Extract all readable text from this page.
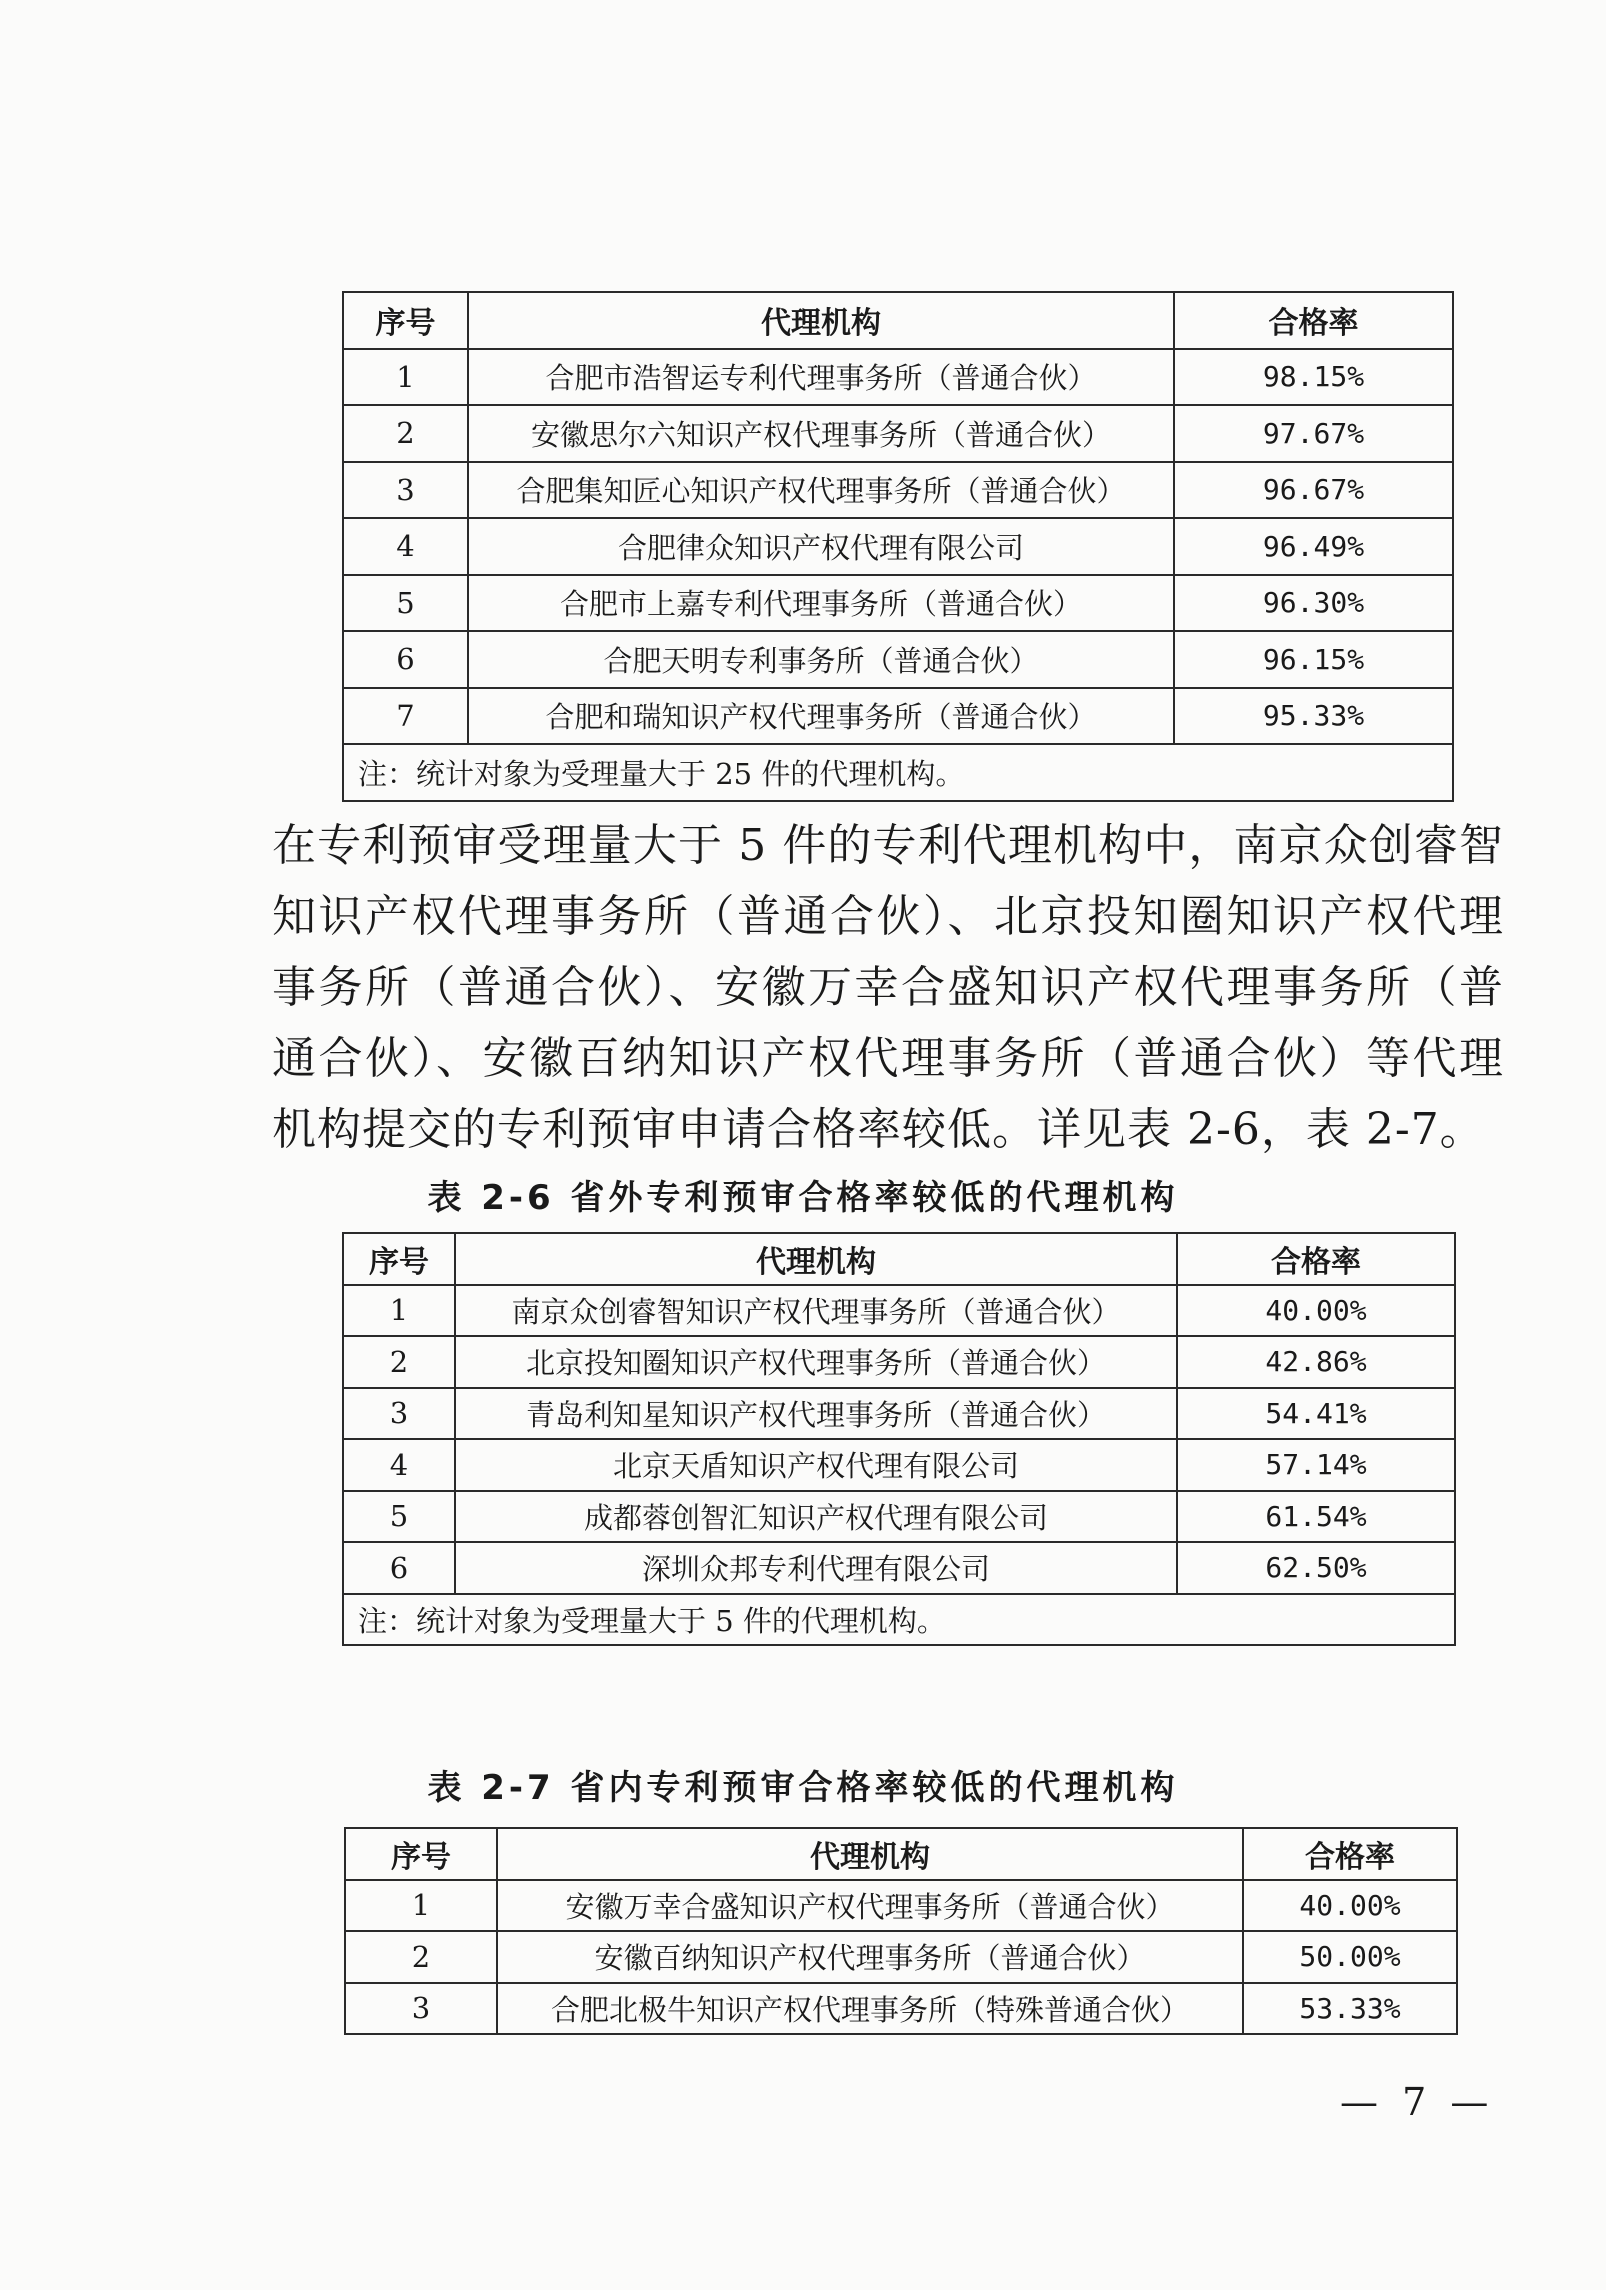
序号	代理机构	合格率
1	合肥市浩智运专利代理事务所（普通合伙）	98.15%
2	安徽思尔六知识产权代理事务所（普通合伙）	97.67%
3	合肥集知匠心知识产权代理事务所（普通合伙）	96.67%
4	合肥律众知识产权代理有限公司	96.49%
5	合肥市上嘉专利代理事务所（普通合伙）	96.30%
6	合肥天明专利事务所（普通合伙）	96.15%
7	合肥和瑞知识产权代理事务所（普通合伙）	95.33%
注：统计对象为受理量大于 25 件的代理机构。		

在专利预审受理量大于 5 件的专利代理机构中，南京众创睿智知识产权代理事务所（普通合伙）、北京投知圈知识产权代理事务所（普通合伙）、安徽万幸合盛知识产权代理事务所（普通合伙）、安徽百纳知识产权代理事务所（普通合伙）等代理机构提交的专利预审申请合格率较低。详见表 2-6，表 2-7。

表 2-6 省外专利预审合格率较低的代理机构
序号	代理机构	合格率
1	南京众创睿智知识产权代理事务所（普通合伙）	40.00%
2	北京投知圈知识产权代理事务所（普通合伙）	42.86%
3	青岛利知星知识产权代理事务所（普通合伙）	54.41%
4	北京天盾知识产权代理有限公司	57.14%
5	成都蓉创智汇知识产权代理有限公司	61.54%
6	深圳众邦专利代理有限公司	62.50%
注：统计对象为受理量大于 5 件的代理机构。		
表 2-7 省内专利预审合格率较低的代理机构
序号	代理机构	合格率
1	安徽万幸合盛知识产权代理事务所（普通合伙）	40.00%
2	安徽百纳知识产权代理事务所（普通合伙）	50.00%
3	合肥北极牛知识产权代理事务所（特殊普通合伙）	53.33%
— 7 —
